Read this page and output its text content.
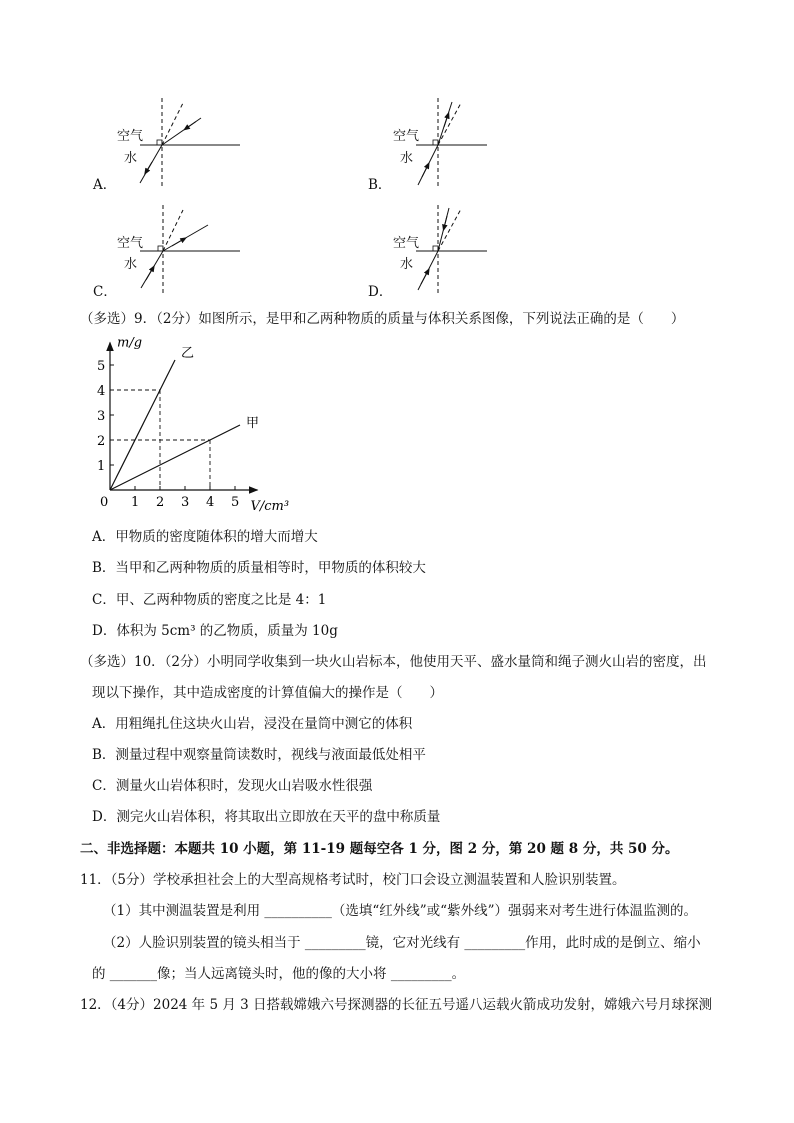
空气
水
空气
水
空气
水
空气
水
A．	B．
C．	D．
（多选）9．（2分）如图所示，是甲和乙两种物质的质量与体积关系图像，下列说法正确的是（　　）
乙
甲
0 1 2 3 4 5
1
2
3
4
5
m/g
V/cm³
A．甲物质的密度随体积的增大而增大
B．当甲和乙两种物质的质量相等时，甲物质的体积较大
C．甲、乙两种物质的密度之比是 4：1
D．体积为 5cm³ 的乙物质，质量为 10g
（多选）10．（2分）小明同学收集到一块火山岩标本，他使用天平、盛水量筒和绳子测火山岩的密度，出
现以下操作，其中造成密度的计算值偏大的操作是（　　）
A．用粗绳扎住这块火山岩，浸没在量筒中测它的体积
B．测量过程中观察量筒读数时，视线与液面最低处相平
C．测量火山岩体积时，发现火山岩吸水性很强
D．测完火山岩体积，将其取出立即放在天平的盘中称质量
二、非选择题：本题共 10 小题，第 11-19 题每空各 1 分，图 2 分，第 20 题 8 分，共 50 分。
11．（5分）学校承担社会上的大型高规格考试时，校门口会设立测温装置和人脸识别装置。
（1）其中测温装置是利用 __________（选填“红外线”或“紫外线”）强弱来对考生进行体温监测的。
（2）人脸识别装置的镜头相当于 _________镜，它对光线有 _________作用，此时成的是倒立、缩小
的 _______像；当人远离镜头时，他的像的大小将 _________。
12．（4分）2024 年 5 月 3 日搭载嫦娥六号探测器的长征五号遥八运载火箭成功发射，嫦娥六号月球探测
